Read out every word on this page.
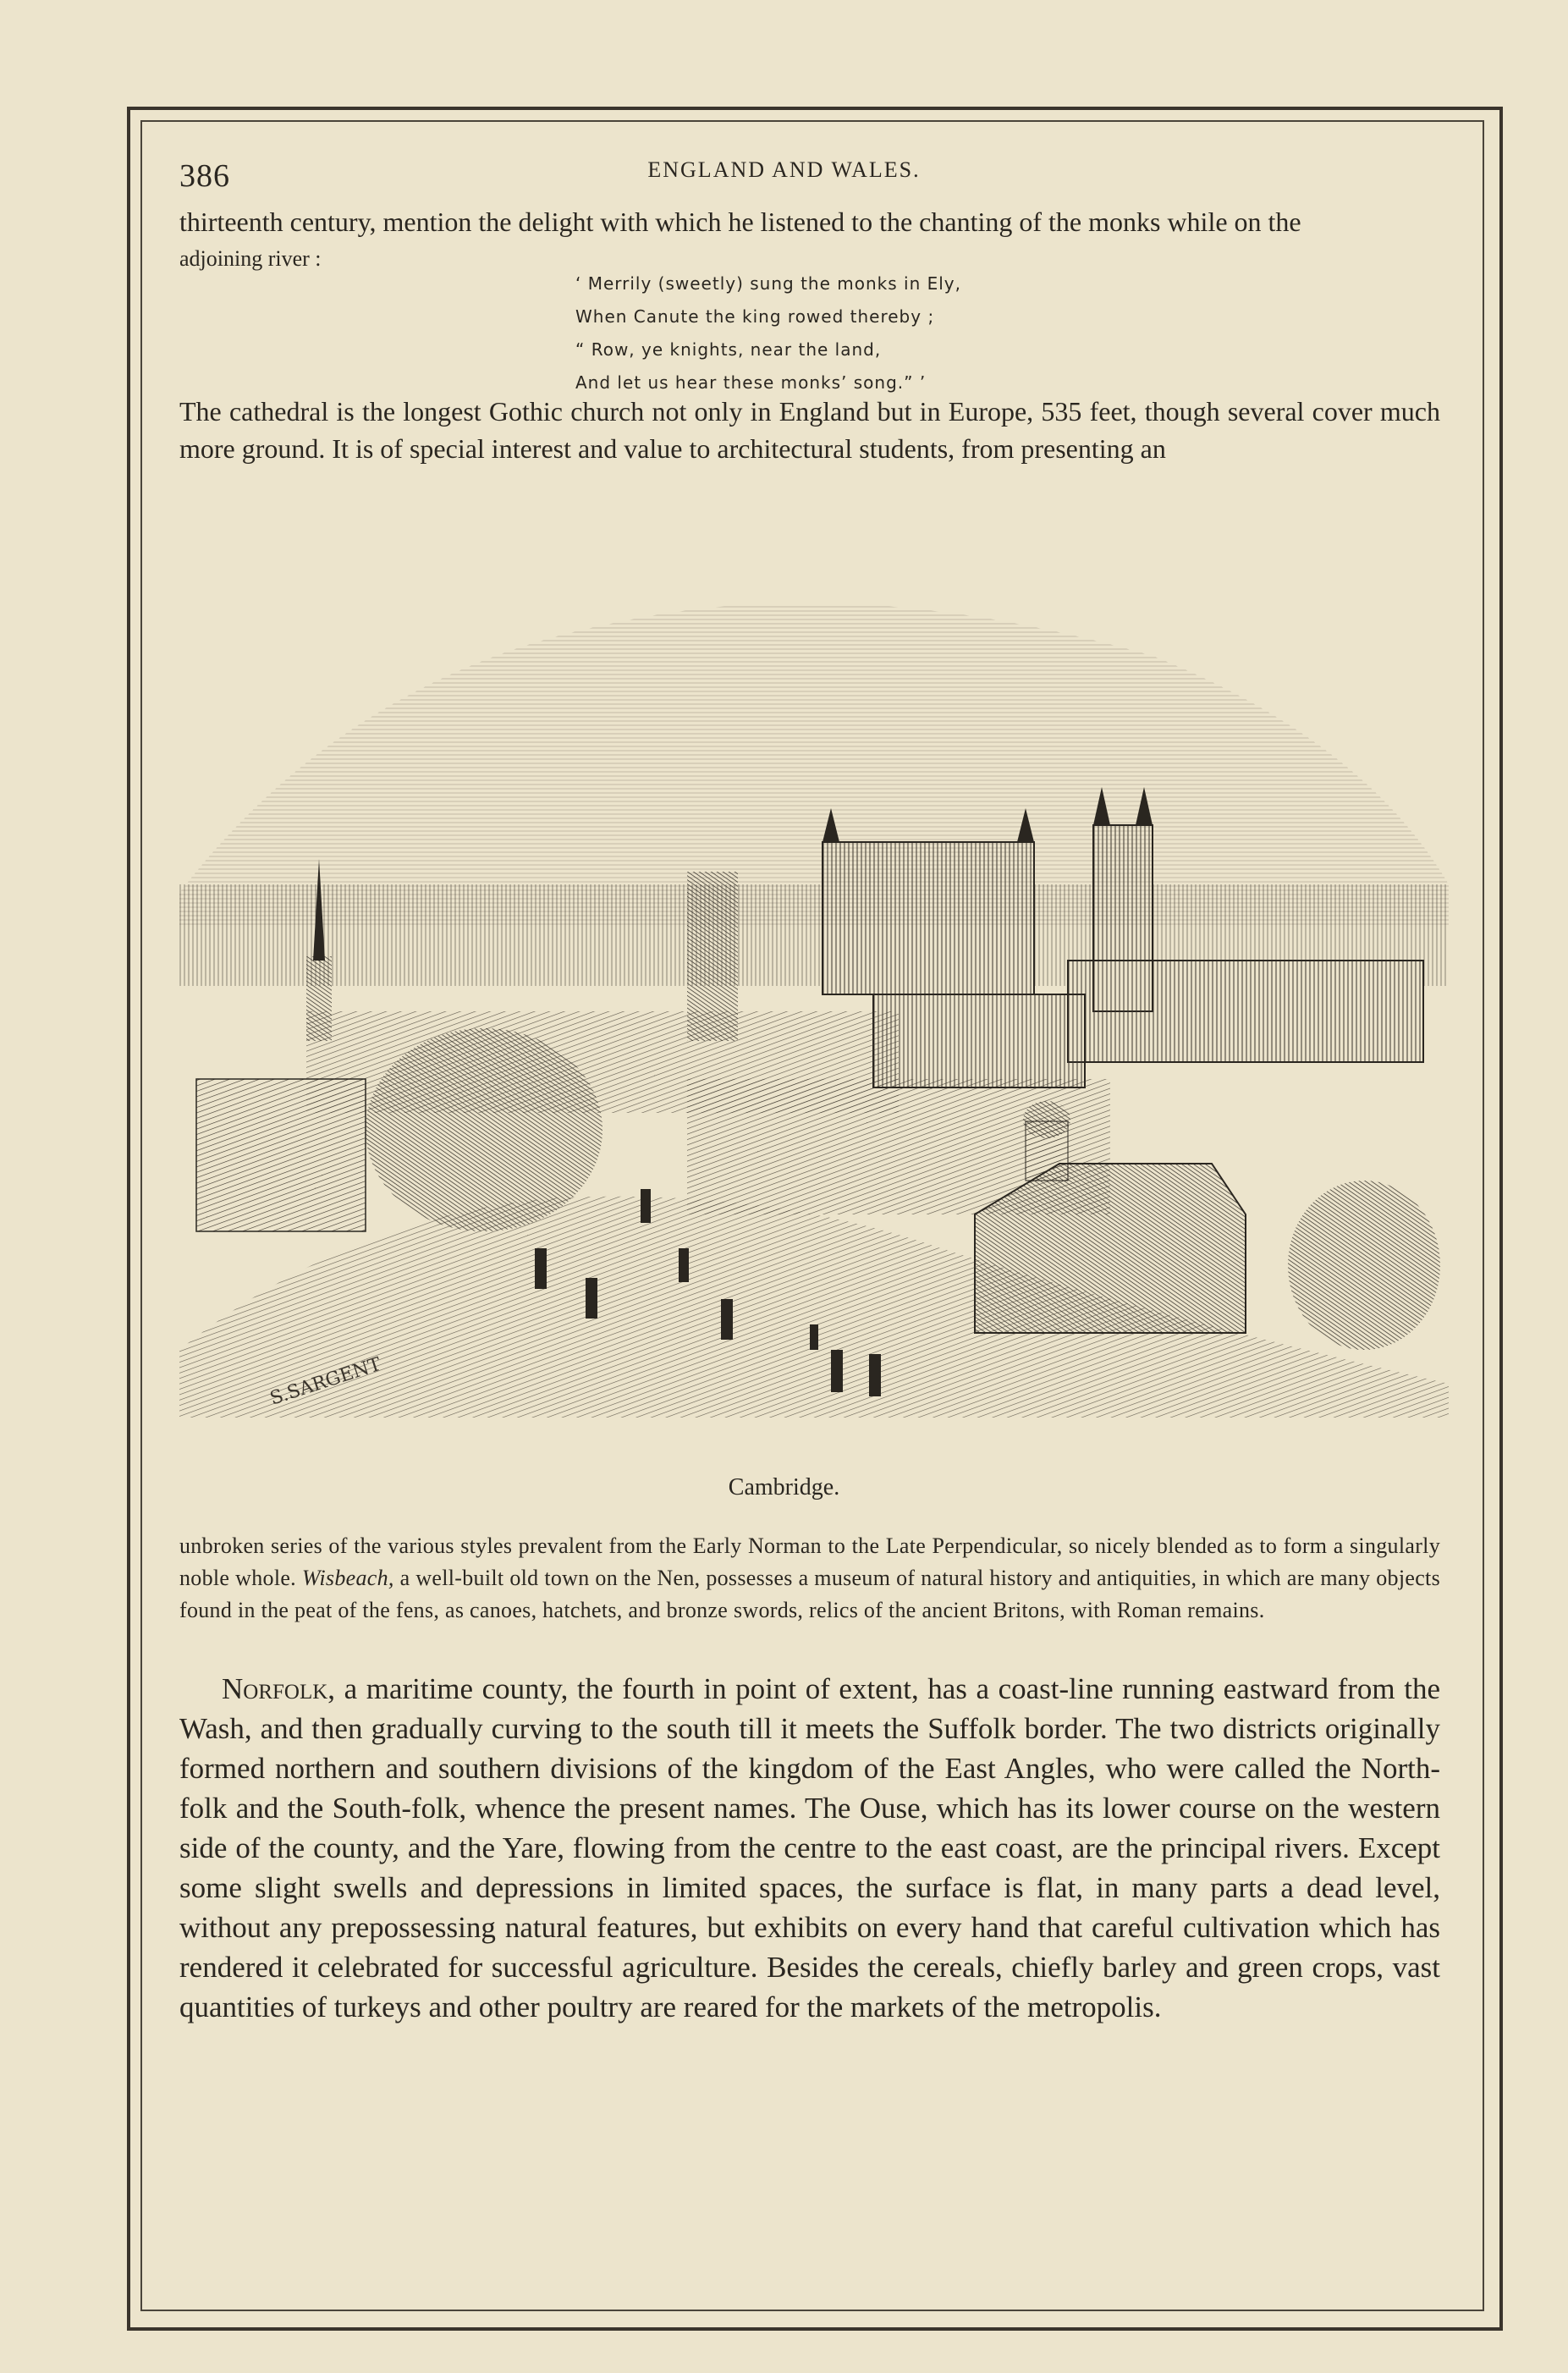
386	ENGLAND AND WALES.
thirteenth century, mention the delight with which he listened to the chanting of the monks while on the
adjoining river :
‘ Merrily (sweetly) sung the monks in Ely,
When Canute the king rowed thereby ;
“ Row, ye knights, near the land,
And let us hear these monks’ song.” ’
The cathedral is the longest Gothic church not only in England but in Europe, 535 feet, though several cover much more ground. It is of special interest and value to architectural students, from presenting an
S.SARGENT
Cambridge.
unbroken series of the various styles prevalent from the Early Norman to the Late Perpendicular, so nicely blended as to form a singularly noble whole. Wisbeach, a well-built old town on the Nen, possesses a museum of natural history and antiquities, in which are many objects found in the peat of the fens, as canoes, hatchets, and bronze swords, relics of the ancient Britons, with Roman remains.
Norfolk, a maritime county, the fourth in point of extent, has a coast-line running eastward from the Wash, and then gradually curving to the south till it meets the Suffolk border. The two districts originally formed northern and southern divisions of the kingdom of the East Angles, who were called the North-folk and the South-folk, whence the present names. The Ouse, which has its lower course on the western side of the county, and the Yare, flowing from the centre to the east coast, are the principal rivers. Except some slight swells and depressions in limited spaces, the surface is flat, in many parts a dead level, without any prepossessing natural features, but exhibits on every hand that careful cultivation which has rendered it celebrated for successful agriculture. Besides the cereals, chiefly barley and green crops, vast quantities of turkeys and other poultry are reared for the markets of the metropolis.
